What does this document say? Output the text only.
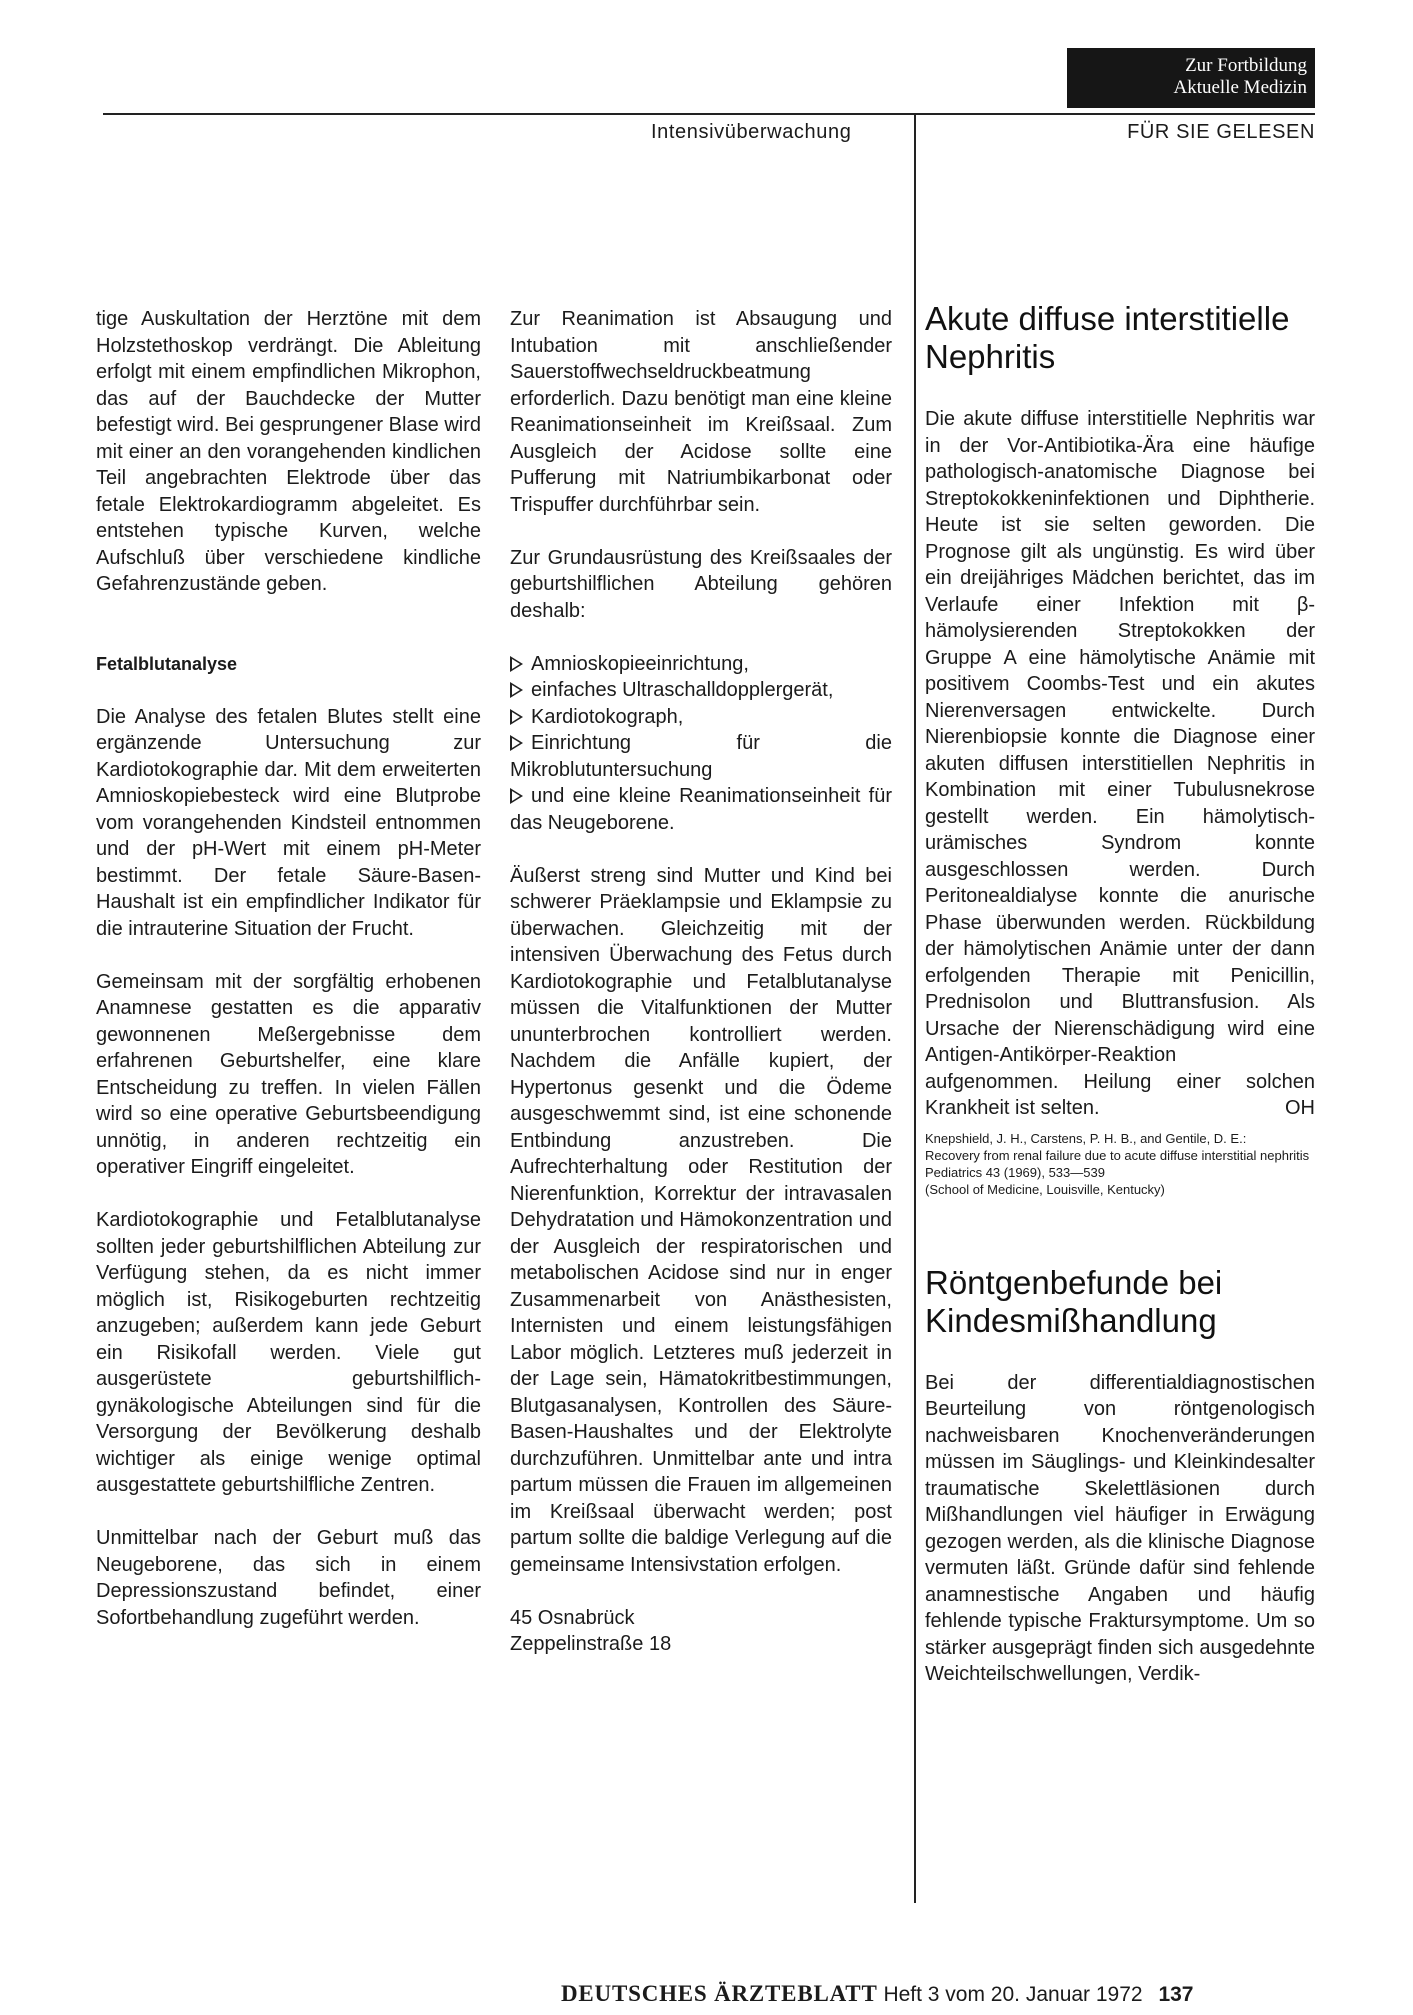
Zur Fortbildung
Aktuelle Medizin
Intensivüberwachung	FÜR SIE GELESEN

tige Auskultation der Herztöne mit dem Holzstethoskop verdrängt. Die Ableitung erfolgt mit einem empfindlichen Mikrophon, das auf der Bauchdecke der Mutter befestigt wird. Bei gesprungener Blase wird mit einer an den vorangehenden kindlichen Teil angebrachten Elektrode über das fetale Elektrokardiogramm abgeleitet. Es entstehen typische Kurven, welche Aufschluß über verschiedene kindliche Gefahrenzustände geben.

Fetalblutanalyse

Die Analyse des fetalen Blutes stellt eine ergänzende Untersuchung zur Kardiotokographie dar. Mit dem erweiterten Amnioskopiebesteck wird eine Blutprobe vom vorangehenden Kindsteil entnommen und der pH-Wert mit einem pH-Meter bestimmt. Der fetale Säure-Basen-Haushalt ist ein empfindlicher Indikator für die intrauterine Situation der Frucht.

Gemeinsam mit der sorgfältig erhobenen Anamnese gestatten es die apparativ gewonnenen Meßergebnisse dem erfahrenen Geburtshelfer, eine klare Entscheidung zu treffen. In vielen Fällen wird so eine operative Geburtsbeendigung unnötig, in anderen rechtzeitig ein operativer Eingriff eingeleitet.

Kardiotokographie und Fetalblutanalyse sollten jeder geburtshilflichen Abteilung zur Verfügung stehen, da es nicht immer möglich ist, Risikogeburten rechtzeitig anzugeben; außerdem kann jede Geburt ein Risikofall werden. Viele gut ausgerüstete geburtshilflich-gynäkologische Abteilungen sind für die Versorgung der Bevölkerung deshalb wichtiger als einige wenige optimal ausgestattete geburtshilfliche Zentren.

Unmittelbar nach der Geburt muß das Neugeborene, das sich in einem Depressionszustand befindet, einer Sofortbehandlung zugeführt werden.

Zur Reanimation ist Absaugung und Intubation mit anschließender Sauerstoffwechseldruckbeatmung erforderlich. Dazu benötigt man eine kleine Reanimationseinheit im Kreißsaal. Zum Ausgleich der Acidose sollte eine Pufferung mit Natriumbikarbonat oder Trispuffer durchführbar sein.

Zur Grundausrüstung des Kreißsaales der geburtshilflichen Abteilung gehören deshalb:

Amnioskopieeinrichtung,
einfaches Ultraschalldopplergerät,
Kardiotokograph,
Einrichtung für die Mikroblutuntersuchung
und eine kleine Reanimationseinheit für das Neugeborene.

Äußerst streng sind Mutter und Kind bei schwerer Präeklampsie und Eklampsie zu überwachen. Gleichzeitig mit der intensiven Überwachung des Fetus durch Kardiotokographie und Fetalblutanalyse müssen die Vitalfunktionen der Mutter ununterbrochen kontrolliert werden. Nachdem die Anfälle kupiert, der Hypertonus gesenkt und die Ödeme ausgeschwemmt sind, ist eine schonende Entbindung anzustreben. Die Aufrechterhaltung oder Restitution der Nierenfunktion, Korrektur der intravasalen Dehydratation und Hämokonzentration und der Ausgleich der respiratorischen und metabolischen Acidose sind nur in enger Zusammenarbeit von Anästhesisten, Internisten und einem leistungsfähigen Labor möglich. Letzteres muß jederzeit in der Lage sein, Hämatokritbestimmungen, Blutgasanalysen, Kontrollen des Säure-Basen-Haushaltes und der Elektrolyte durchzuführen. Unmittelbar ante und intra partum müssen die Frauen im allgemeinen im Kreißsaal überwacht werden; post partum sollte die baldige Verlegung auf die gemeinsame Intensivstation erfolgen.

45 Osnabrück

Zeppelinstraße 18

Akute diffuse interstitielle Nephritis

Die akute diffuse interstitielle Nephritis war in der Vor-Antibiotika-Ära eine häufige pathologisch-anatomische Diagnose bei Streptokokkeninfektionen und Diphtherie. Heute ist sie selten geworden. Die Prognose gilt als ungünstig. Es wird über ein dreijähriges Mädchen berichtet, das im Verlaufe einer Infektion mit β-hämolysierenden Streptokokken der Gruppe A eine hämolytische Anämie mit positivem Coombs-Test und ein akutes Nierenversagen entwickelte. Durch Nierenbiopsie konnte die Diagnose einer akuten diffusen interstitiellen Nephritis in Kombination mit einer Tubulusnekrose gestellt werden. Ein hämolytisch-urämisches Syndrom konnte ausgeschlossen werden. Durch Peritonealdialyse konnte die anurische Phase überwunden werden. Rückbildung der hämolytischen Anämie unter der dann erfolgenden Therapie mit Penicillin, Prednisolon und Bluttransfusion. Als Ursache der Nierenschädigung wird eine Antigen-Antikörper-Reaktion aufgenommen. Heilung einer solchen Krankheit ist selten.	OH

Knepshield, J. H., Carstens, P. H. B., and Gentile, D. E.:

Recovery from renal failure due to acute diffuse interstitial nephritis

Pediatrics 43 (1969), 533—539

(School of Medicine, Louisville, Kentucky)

Röntgenbefunde bei Kindesmißhandlung

Bei der differentialdiagnostischen Beurteilung von röntgenologisch nachweisbaren Knochenveränderungen müssen im Säuglings- und Kleinkindesalter traumatische Skelettläsionen durch Mißhandlungen viel häufiger in Erwägung gezogen werden, als die klinische Diagnose vermuten läßt. Gründe dafür sind fehlende anamnestische Angaben und häufig fehlende typische Fraktursymptome. Um so stärker ausgeprägt finden sich ausgedehnte Weichteilschwellungen, Verdik-

DEUTSCHES ÄRZTEBLATT Heft 3 vom 20. Januar 1972 137
